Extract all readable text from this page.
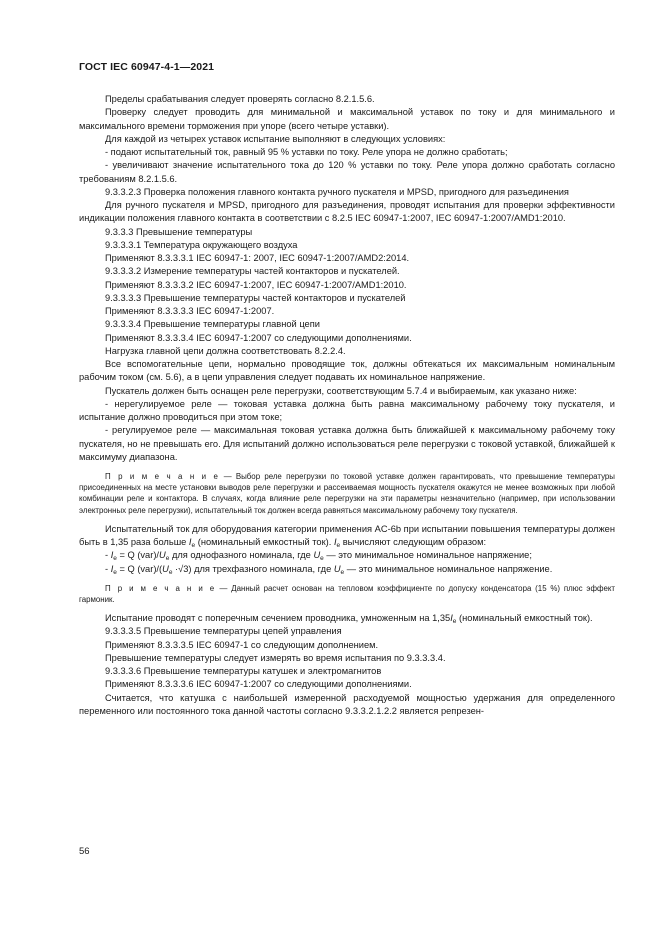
ГОСТ IEC 60947-4-1—2021

Пределы срабатывания следует проверять согласно 8.2.1.5.6.

Проверку следует проводить для минимальной и максимальной уставок по току и для минимального и максимального времени торможения при упоре (всего четыре уставки).

Для каждой из четырех уставок испытание выполняют в следующих условиях:

- подают испытательный ток, равный 95 % уставки по току. Реле упора не должно сработать;

- увеличивают значение испытательного тока до 120 % уставки по току. Реле упора должно сработать согласно требованиям 8.2.1.5.6.

9.3.3.2.3 Проверка положения главного контакта ручного пускателя и MPSD, пригодного для разъединения

Для ручного пускателя и MPSD, пригодного для разъединения, проводят испытания для проверки эффективности индикации положения главного контакта в соответствии с 8.2.5 IEC 60947-1:2007, IEC 60947-1:2007/AMD1:2010.

9.3.3.3 Превышение температуры

9.3.3.3.1 Температура окружающего воздуха

Применяют 8.3.3.3.1 IEC 60947-1: 2007, IEC 60947-1:2007/AMD2:2014.

9.3.3.3.2 Измерение температуры частей контакторов и пускателей.

Применяют 8.3.3.3.2 IEC 60947-1:2007, IEC 60947-1:2007/AMD1:2010.

9.3.3.3.3 Превышение температуры частей контакторов и пускателей

Применяют 8.3.3.3.3 IEC 60947-1:2007.

9.3.3.3.4 Превышение температуры главной цепи

Применяют 8.3.3.3.4 IEC 60947-1:2007 со следующими дополнениями.

Нагрузка главной цепи должна соответствовать 8.2.2.4.

Все вспомогательные цепи, нормально проводящие ток, должны обтекаться их максимальным номинальным рабочим током (см. 5.6), а в цепи управления следует подавать их номинальное напряжение.

Пускатель должен быть оснащен реле перегрузки, соответствующим 5.7.4 и выбираемым, как указано ниже:

- нерегулируемое реле — токовая уставка должна быть равна максимальному рабочему току пускателя, и испытание должно проводиться при этом токе;

- регулируемое реле — максимальная токовая уставка должна быть ближайшей к максимальному рабочему току пускателя, но не превышать его. Для испытаний должно использоваться реле перегрузки с токовой уставкой, ближайшей к максимуму диапазона.

П р и м е ч а н и е — Выбор реле перегрузки по токовой уставке должен гарантировать, что превышение температуры присоединенных на месте установки выводов реле перегрузки и рассеиваемая мощность пускателя окажутся не менее возможных при любой комбинации реле и контактора. В случаях, когда влияние реле перегрузки на эти параметры незначительно (например, при использовании электронных реле перегрузки), испытательный ток должен всегда равняться максимальному рабочему току пускателя.

Испытательный ток для оборудования категории применения AC-6b при испытании повышения температуры должен быть в 1,35 раза больше $I_e$ (номинальный емкостный ток). $I_e$ вычисляют следующим образом:

- $I_e = Q$ $(var)/U_e$ для однофазного номинала, где $U_e$ — это минимальное номинальное напряжение;

- $I_e = Q$ $(var)/(U_e \cdot√3)$ для трехфазного номинала, где $U_e$ — это минимальное номинальное напряжение.

П р и м е ч а н и е — Данный расчет основан на тепловом коэффициенте по допуску конденсатора (15 %) плюс эффект гармоник.

Испытание проводят с поперечным сечением проводника, умноженным на $1,35I_e$ (номинальный емкостный ток).

9.3.3.3.5 Превышение температуры цепей управления

Применяют 8.3.3.3.5 IEC 60947-1 со следующим дополнением.

Превышение температуры следует измерять во время испытания по 9.3.3.3.4.

9.3.3.3.6 Превышение температуры катушек и электромагнитов

Применяют 8.3.3.3.6 IEC 60947-1:2007 со следующими дополнениями.

Считается, что катушка с наибольшей измеренной расходуемой мощностью удержания для определенного переменного или постоянного тока данной частоты согласно 9.3.3.2.1.2.2 является репрезен-

56
